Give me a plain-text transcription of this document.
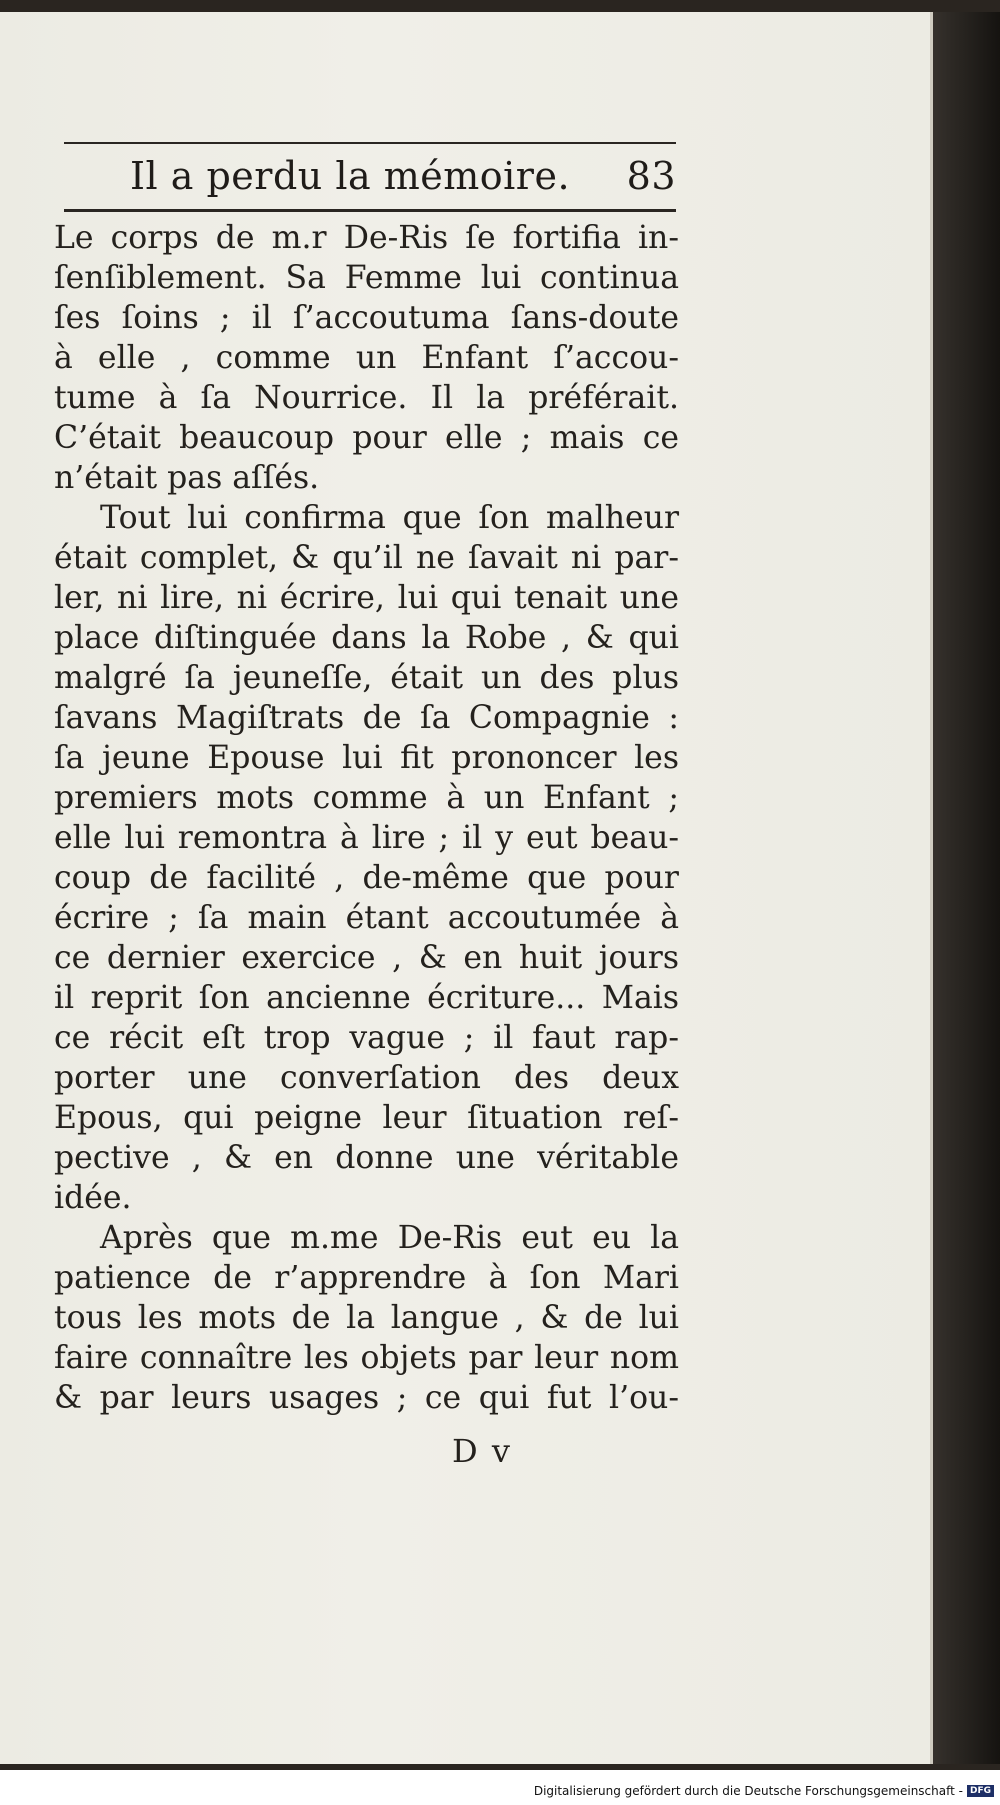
Il a perdu la mémoire. 83
Le corps de m.r De-Ris ſe fortifia in-
ſenſiblement. Sa Femme lui continua
ſes ſoins ; il ſ’accoutuma ſans-doute
à elle , comme un Enfant ſ’accou-
tume à ſa Nourrice. Il la préférait.
C’était beaucoup pour elle ; mais ce
n’était pas aſſés.
Tout lui confirma que ſon malheur
était complet, & qu’il ne ſavait ni par-
ler, ni lire, ni écrire, lui qui tenait une
place diſtinguée dans la Robe , & qui
malgré ſa jeuneſſe, était un des plus
ſavans Magiſtrats de ſa Compagnie :
ſa jeune Epouse lui fit prononcer les
premiers mots comme à un Enfant ;
elle lui remontra à lire ; il y eut beau-
coup de facilité , de-même que pour
écrire ; ſa main étant accoutumée à
ce dernier exercice , & en huit jours
il reprit ſon ancienne écriture... Mais
ce récit eſt trop vague ; il faut rap-
porter une converſation des deux
Epous, qui peigne leur ſituation reſ-
pective , & en donne une véritable
idée.
Après que m.me De-Ris eut eu la
patience de r’apprendre à ſon Mari
tous les mots de la langue , & de lui
faire connaître les objets par leur nom
& par leurs usages ; ce qui fut l’ou-
D v
Digitalisierung gefördert durch die Deutsche Forschungsgemeinschaft - DFG
